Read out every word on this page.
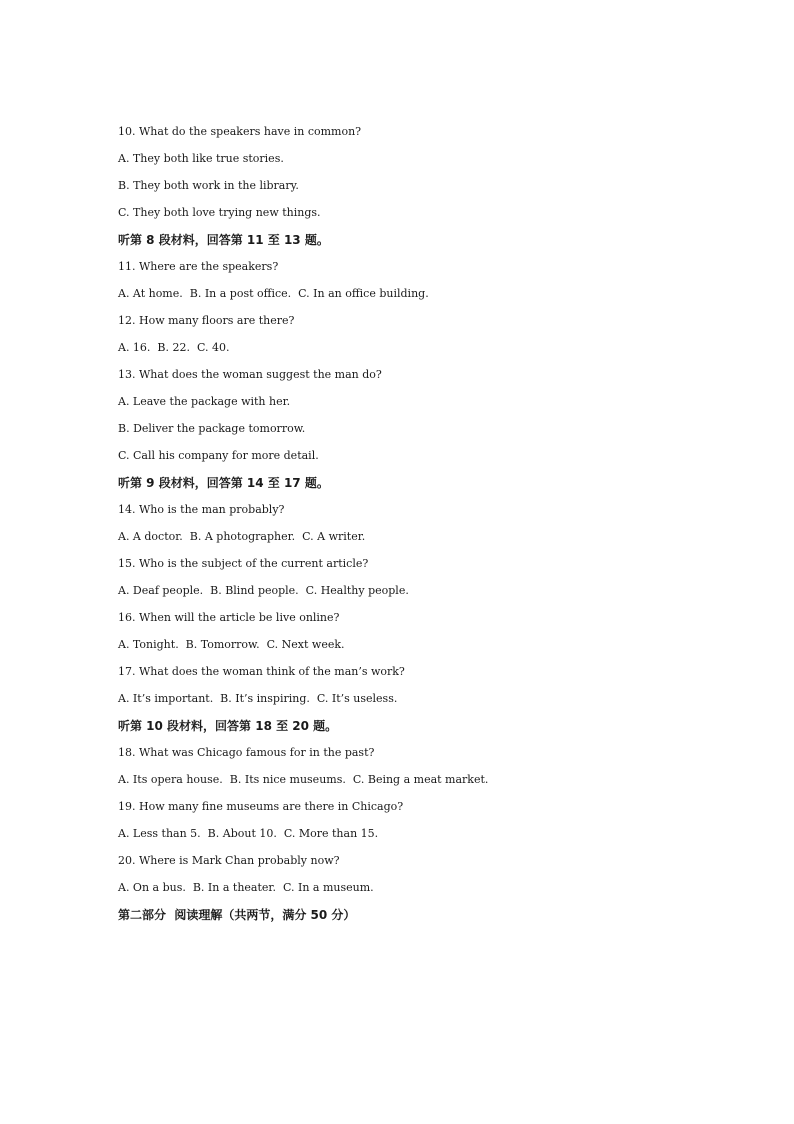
10. What do the speakers have in common?
A. They both like true stories.
B. They both work in the library.
C. They both love trying new things.
听第 8 段材料，回答第 11 至 13 题。
11. Where are the speakers?
A. At home.  B. In a post office.  C. In an office building.
12. How many floors are there?
A. 16.  B. 22.  C. 40.
13. What does the woman suggest the man do?
A. Leave the package with her.
B. Deliver the package tomorrow.
C. Call his company for more detail.
听第 9 段材料，回答第 14 至 17 题。
14. Who is the man probably?
A. A doctor.  B. A photographer.  C. A writer.
15. Who is the subject of the current article?
A. Deaf people.  B. Blind people.  C. Healthy people.
16. When will the article be live online?
A. Tonight.  B. Tomorrow.  C. Next week.
17. What does the woman think of the man’s work?
A. It’s important.  B. It’s inspiring.  C. It’s useless.
听第 10 段材料，回答第 18 至 20 题。
18. What was Chicago famous for in the past?
A. Its opera house.  B. Its nice museums.  C. Being a meat market.
19. How many fine museums are there in Chicago?
A. Less than 5.  B. About 10.  C. More than 15.
20. Where is Mark Chan probably now?
A. On a bus.  B. In a theater.  C. In a museum.
第二部分  阅读理解（共两节，满分 50 分）
